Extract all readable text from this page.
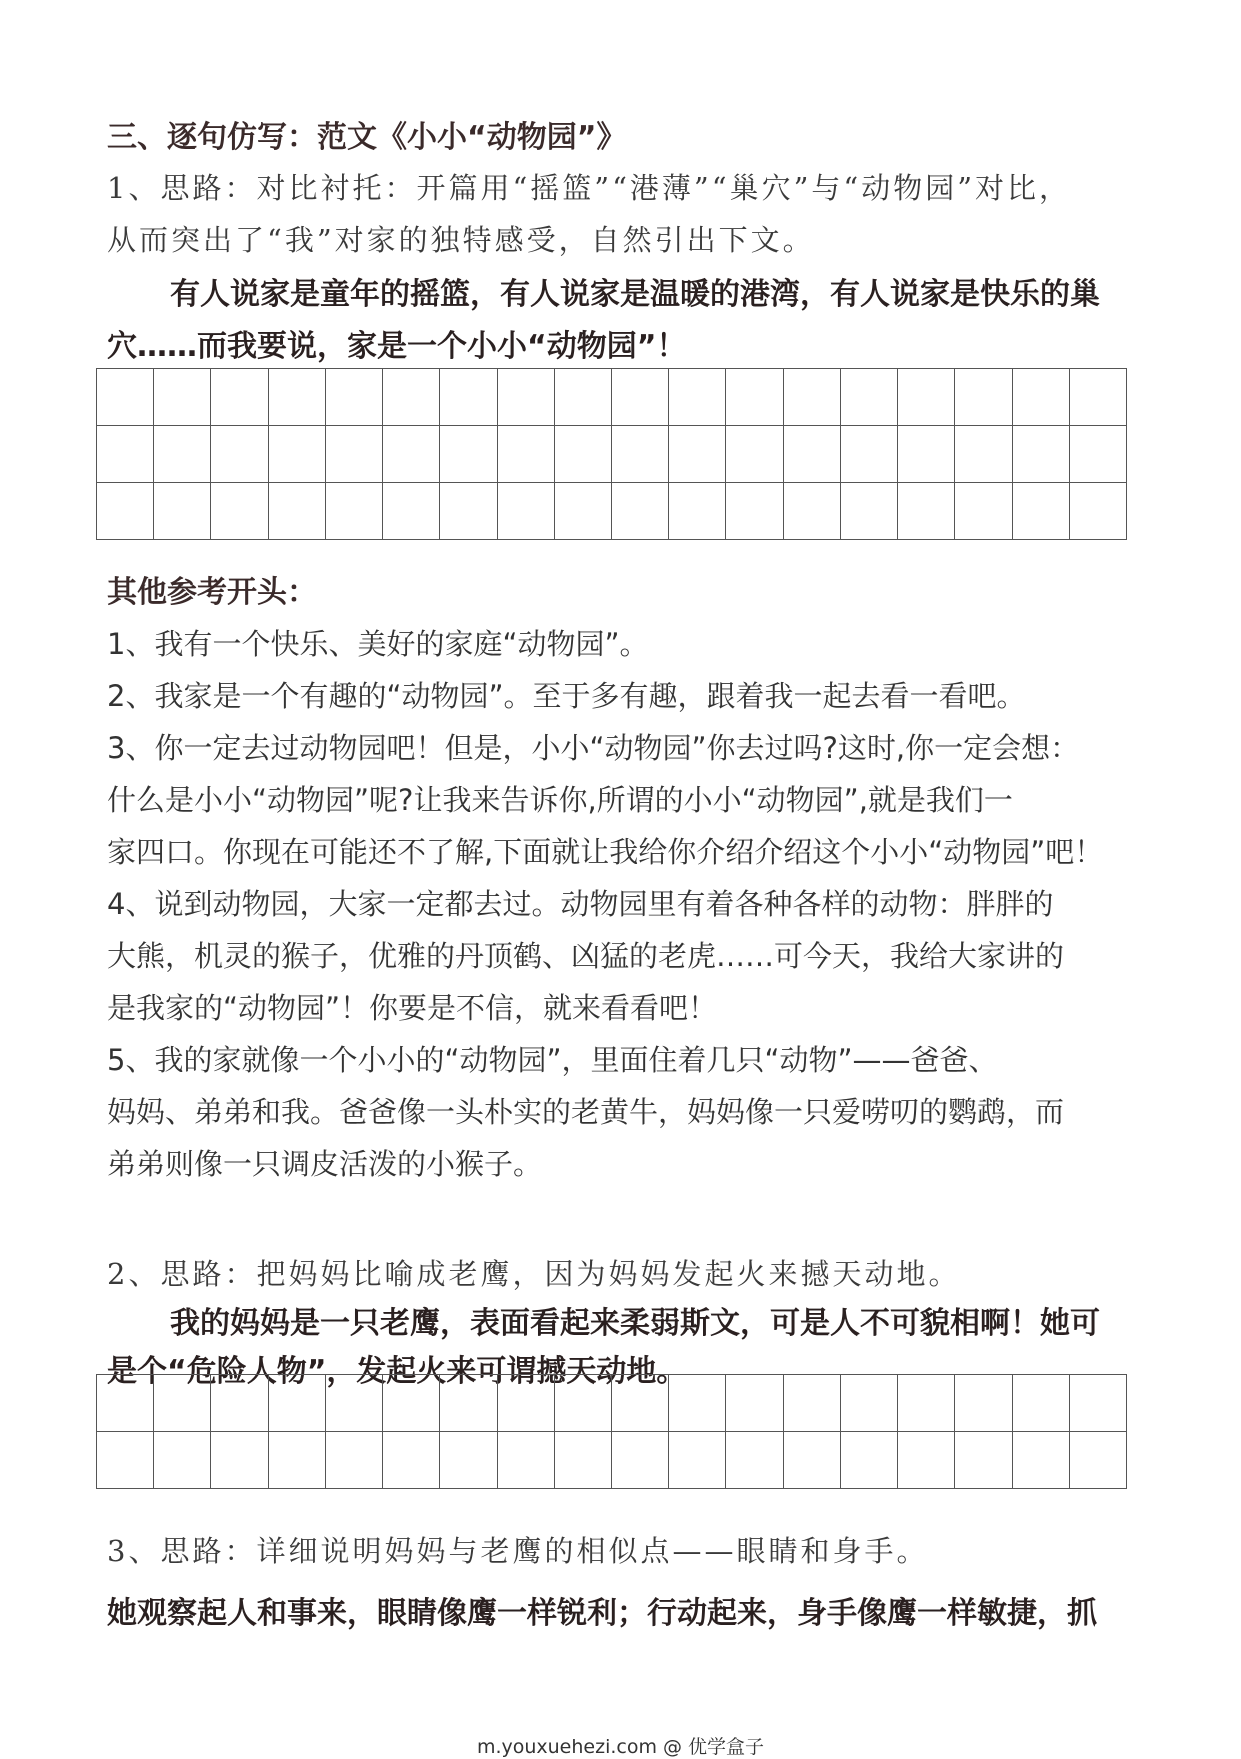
三、逐句仿写：范文《小小“动物园”》
1、思路：对比衬托：开篇用“摇篮”“港薄”“巢穴”与“动物园”对比，
从而突出了“我”对家的独特感受，自然引出下文。
有人说家是童年的摇篮，有人说家是温暖的港湾，有人说家是快乐的巢
穴……而我要说，家是一个小小“动物园”！
其他参考开头：
1、我有一个快乐、美好的家庭“动物园”。
2、我家是一个有趣的“动物园”。至于多有趣，跟着我一起去看一看吧。
3、你一定去过动物园吧！但是，小小“动物园”你去过吗?这时,你一定会想：
什么是小小“动物园”呢?让我来告诉你,所谓的小小“动物园”,就是我们一
家四口。你现在可能还不了解,下面就让我给你介绍介绍这个小小“动物园”吧！
4、说到动物园，大家一定都去过。动物园里有着各种各样的动物：胖胖的
大熊，机灵的猴子，优雅的丹顶鹤、凶猛的老虎……可今天，我给大家讲的
是我家的“动物园”！你要是不信，就来看看吧！
5、我的家就像一个小小的“动物园”，里面住着几只“动物”——爸爸、
妈妈、弟弟和我。爸爸像一头朴实的老黄牛，妈妈像一只爱唠叨的鹦鹉，而
弟弟则像一只调皮活泼的小猴子。
2、思路：把妈妈比喻成老鹰，因为妈妈发起火来撼天动地。
我的妈妈是一只老鹰，表面看起来柔弱斯文，可是人不可貌相啊！她可
是个“危险人物”，发起火来可谓撼天动地。
3、思路：详细说明妈妈与老鹰的相似点——眼睛和身手。
她观察起人和事来，眼睛像鹰一样锐利；行动起来，身手像鹰一样敏捷，抓
m.youxuehezi.com @ 优学盒子
